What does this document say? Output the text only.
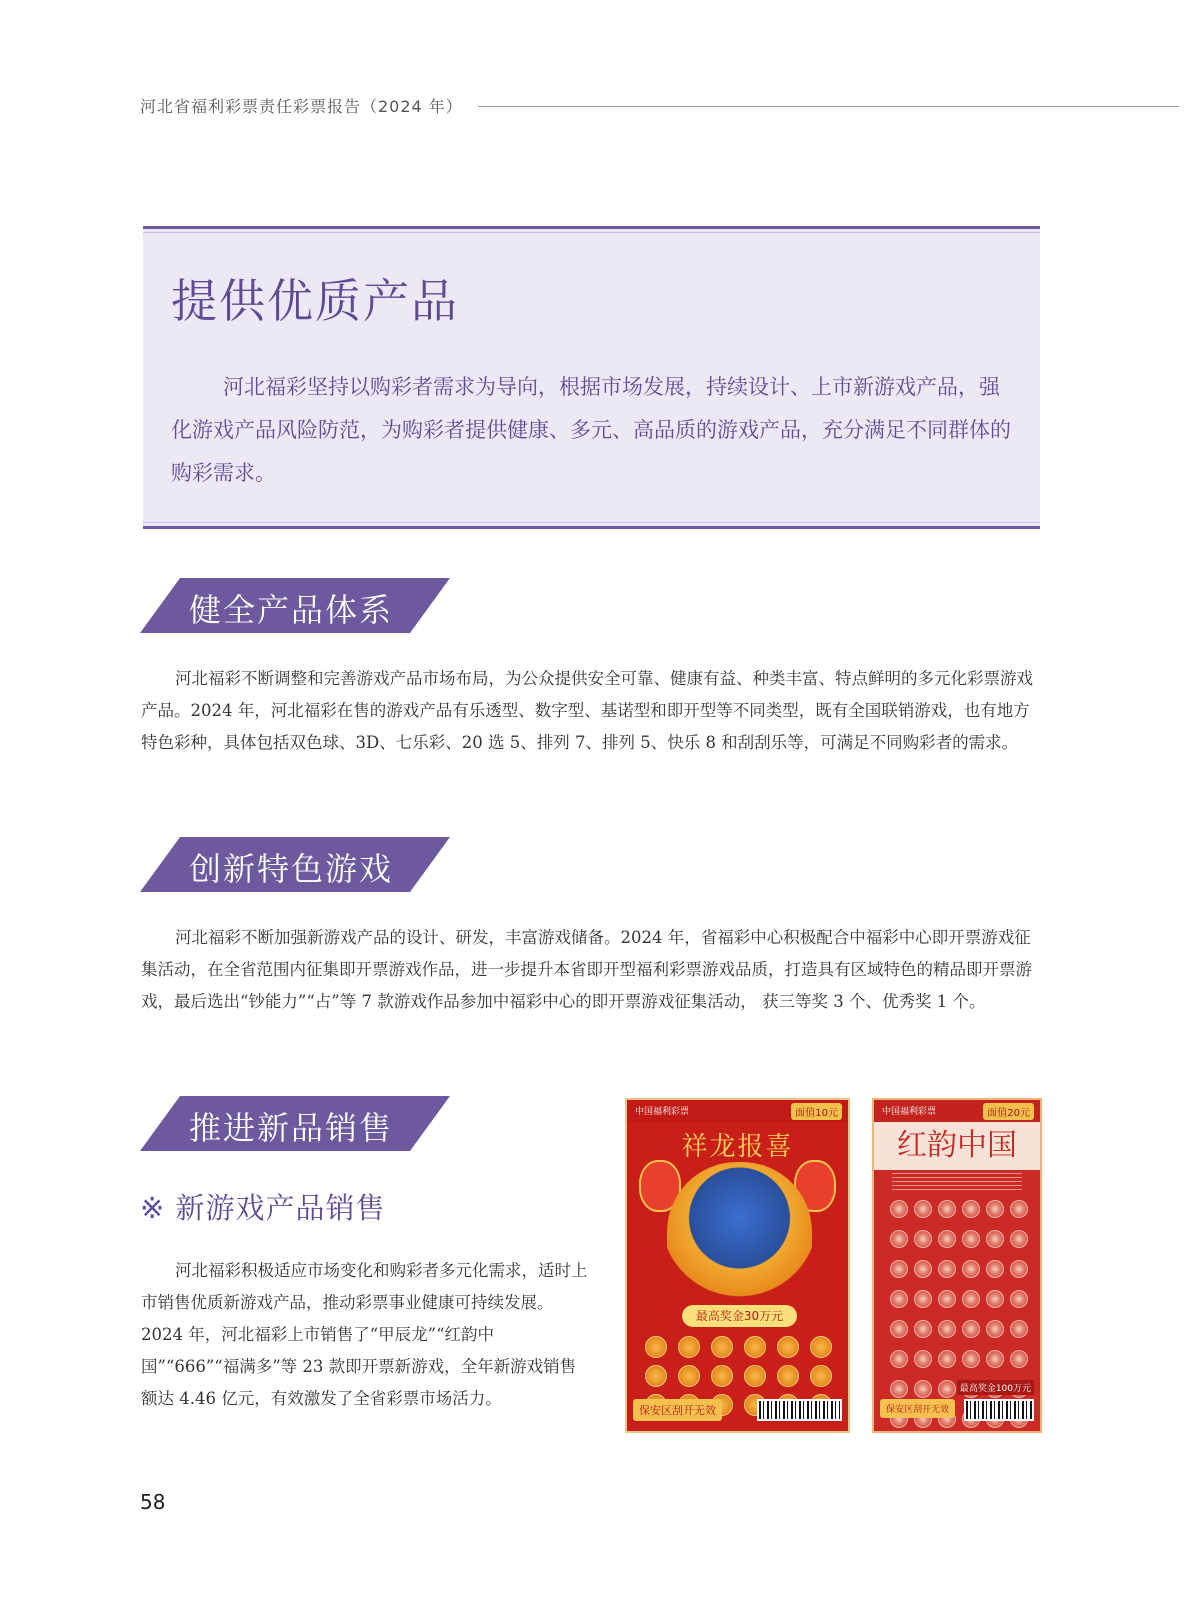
河北省福利彩票责任彩票报告（2024 年）
提供优质产品

河北福彩坚持以购彩者需求为导向，根据市场发展，持续设计、上市新游戏产品，强化游戏产品风险防范，为购彩者提供健康、多元、高品质的游戏产品，充分满足不同群体的购彩需求。

健全产品体系

河北福彩不断调整和完善游戏产品市场布局，为公众提供安全可靠、健康有益、种类丰富、特点鲜明的多元化彩票游戏产品。2024 年，河北福彩在售的游戏产品有乐透型、数字型、基诺型和即开型等不同类型，既有全国联销游戏，也有地方特色彩种，具体包括双色球、3D、七乐彩、20 选 5、排列 7、排列 5、快乐 8 和刮刮乐等，可满足不同购彩者的需求。

创新特色游戏

河北福彩不断加强新游戏产品的设计、研发，丰富游戏储备。2024 年，省福彩中心积极配合中福彩中心即开票游戏征集活动，在全省范围内征集即开票游戏作品，进一步提升本省即开型福利彩票游戏品质，打造具有区域特色的精品即开票游戏，最后选出“钞能力”“占”等 7 款游戏作品参加中福彩中心的即开票游戏征集活动， 获三等奖 3 个、优秀奖 1 个。

推进新品销售
※ 新游戏产品销售

河北福彩积极适应市场变化和购彩者多元化需求，适时上市销售优质新游戏产品，推动彩票事业健康可持续发展。2024 年，河北福彩上市销售了“甲辰龙”“红韵中国”“666”“福满多”等 23 款即开票新游戏，全年新游戏销售额达 4.46 亿元，有效激发了全省彩票市场活力。

中国福利彩票	面值10元
祥龙报喜
最高奖金30万元
保安区刮开无效
中国福利彩票	面值20元
红韵中国
保安区刮开无效
最高奖金100万元
58
